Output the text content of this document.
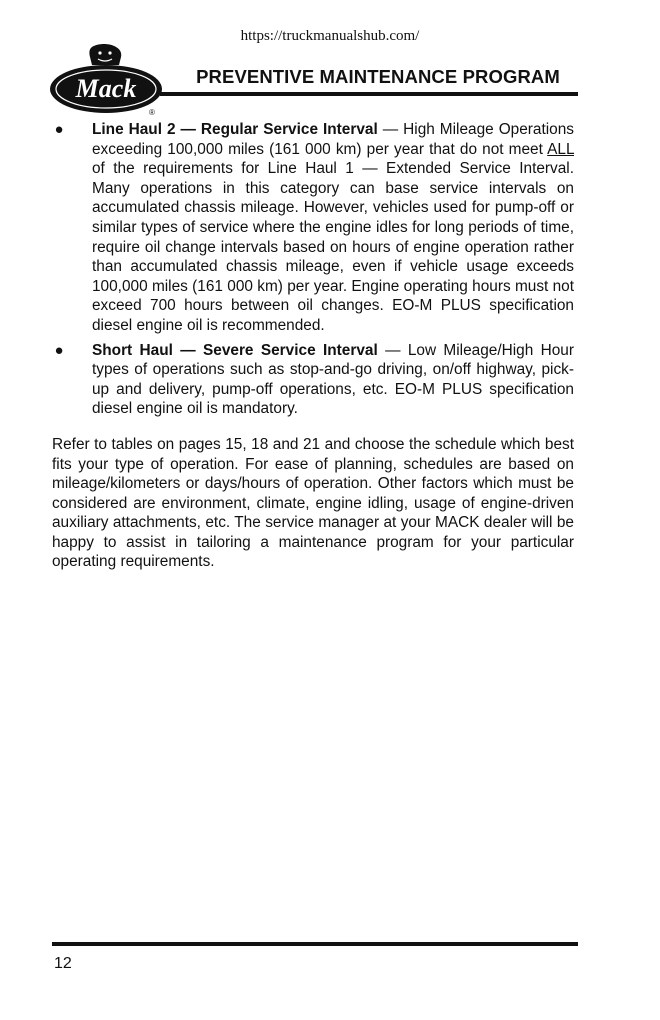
https://truckmanualshub.com/
Mack
®
PREVENTIVE MAINTENANCE PROGRAM
● Line Haul 2 — Regular Service Interval — High Mileage Operations exceeding 100,000 miles (161 000 km) per year that do not meet ALL of the requirements for Line Haul 1 — Extended Service Interval. Many operations in this category can base service intervals on accumulated chassis mileage. However, vehicles used for pump-off or similar types of service where the engine idles for long periods of time, require oil change intervals based on hours of engine operation rather than accumulated chassis mileage, even if vehicle usage exceeds 100,000 miles (161 000 km) per year. Engine operating hours must not exceed 700 hours between oil changes. EO-M PLUS specification diesel engine oil is recommended.
● Short Haul — Severe Service Interval — Low Mileage/High Hour types of operations such as stop-and-go driving, on/off highway, pick-up and delivery, pump-off operations, etc. EO-M PLUS specification diesel engine oil is mandatory.
Refer to tables on pages 15, 18 and 21 and choose the schedule which best fits your type of operation. For ease of planning, schedules are based on mileage/kilometers or days/hours of operation. Other factors which must be considered are environment, climate, engine idling, usage of engine-driven auxiliary attachments, etc. The service manager at your MACK dealer will be happy to assist in tailoring a maintenance program for your particular operating requirements.
12
